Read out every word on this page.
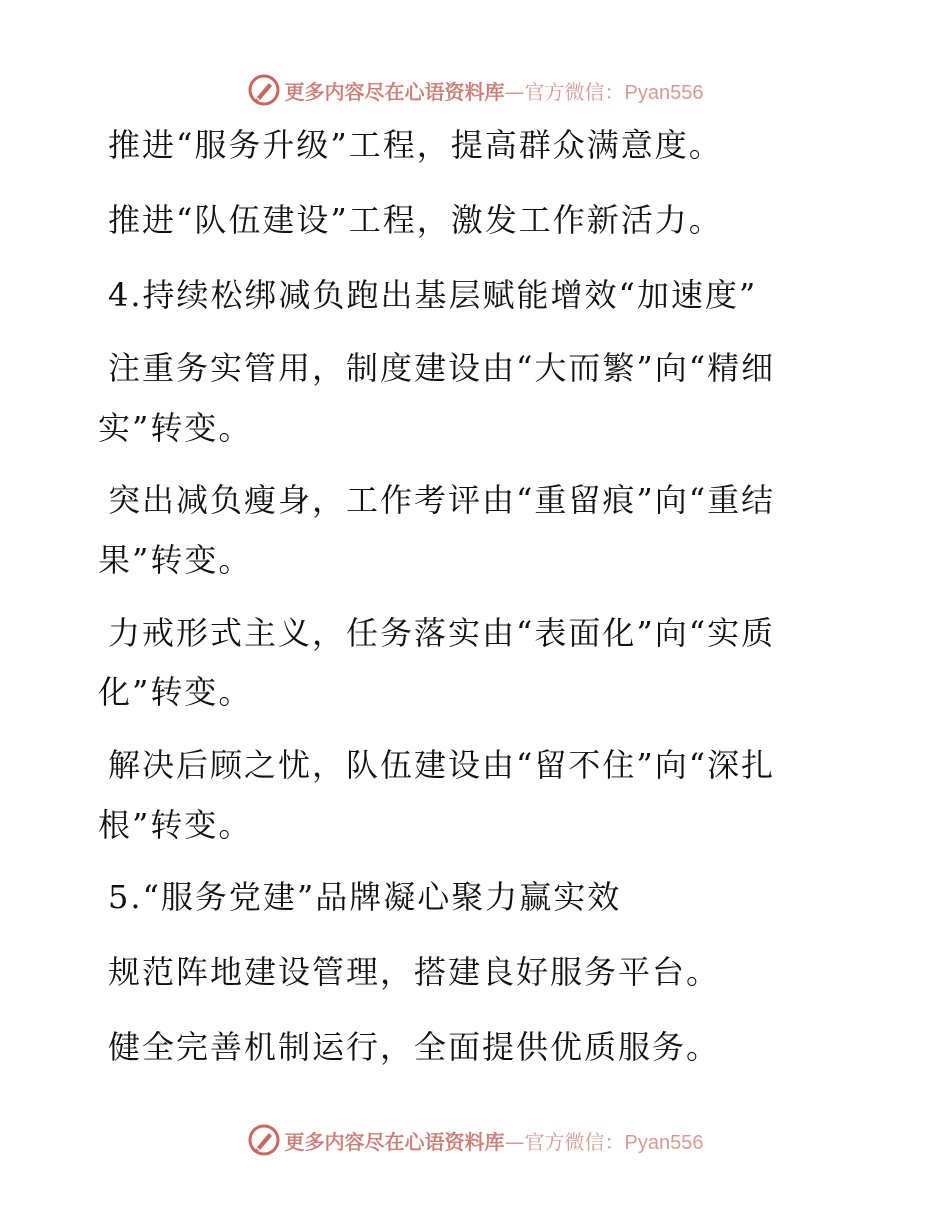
更多内容尽在心语资料库—官方微信：Pyan556
推进“服务升级”工程，提高群众满意度。
推进“队伍建设”工程，激发工作新活力。
4.持续松绑减负跑出基层赋能增效“加速度”
注重务实管用，制度建设由“大而繁”向“精细
实”转变。
突出减负瘦身，工作考评由“重留痕”向“重结
果”转变。
力戒形式主义，任务落实由“表面化”向“实质
化”转变。
解决后顾之忧，队伍建设由“留不住”向“深扎
根”转变。
5.“服务党建”品牌凝心聚力赢实效
规范阵地建设管理，搭建良好服务平台。
健全完善机制运行，全面提供优质服务。
更多内容尽在心语资料库—官方微信：Pyan556
